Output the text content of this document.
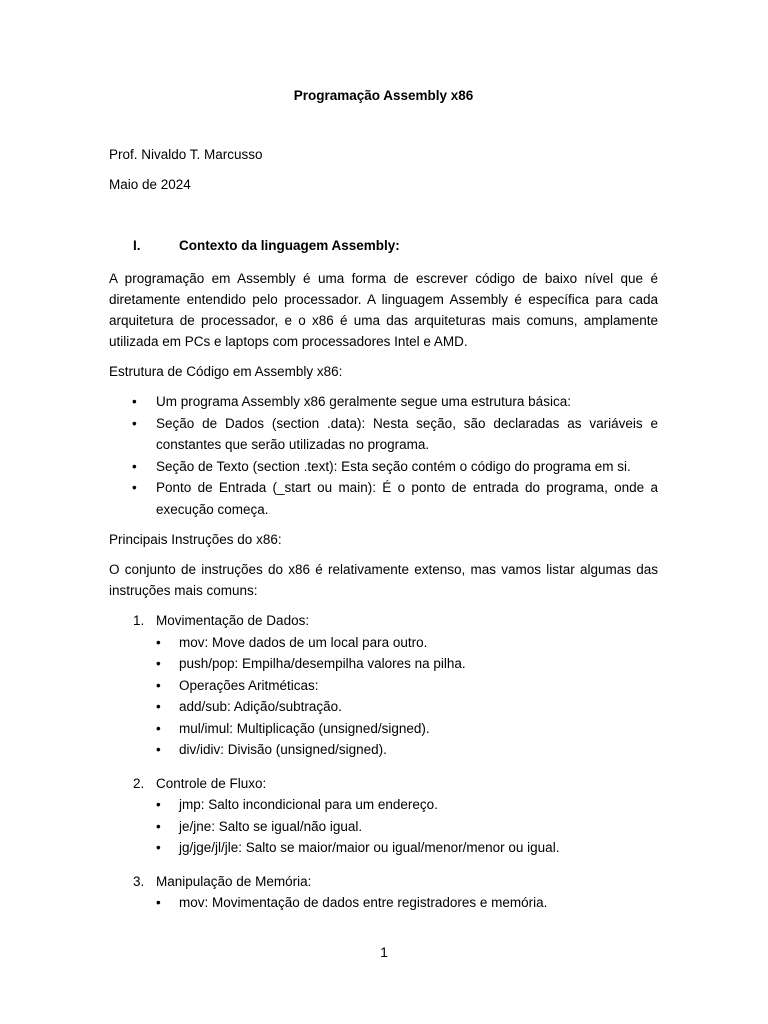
Programação Assembly x86

Prof. Nivaldo T. Marcusso

Maio de 2024

I.	Contexto da linguagem Assembly:

A programação em Assembly é uma forma de escrever código de baixo nível que é diretamente entendido pelo processador. A linguagem Assembly é específica para cada arquitetura de processador, e o x86 é uma das arquiteturas mais comuns, amplamente utilizada em PCs e laptops com processadores Intel e AMD.

Estrutura de Código em Assembly x86:

• Um programa Assembly x86 geralmente segue uma estrutura básica:
• Seção de Dados (section .data): Nesta seção, são declaradas as variáveis e constantes que serão utilizadas no programa.
• Seção de Texto (section .text): Esta seção contém o código do programa em si.
• Ponto de Entrada (_start ou main): É o ponto de entrada do programa, onde a execução começa.

Principais Instruções do x86:

O conjunto de instruções do x86 é relativamente extenso, mas vamos listar algumas das instruções mais comuns:

1. Movimentação de Dados:
• mov: Move dados de um local para outro.
• push/pop: Empilha/desempilha valores na pilha.
• Operações Aritméticas:
• add/sub: Adição/subtração.
• mul/imul: Multiplicação (unsigned/signed).
• div/idiv: Divisão (unsigned/signed).
2. Controle de Fluxo:
• jmp: Salto incondicional para um endereço.
• je/jne: Salto se igual/não igual.
• jg/jge/jl/jle: Salto se maior/maior ou igual/menor/menor ou igual.
3. Manipulação de Memória:
• mov: Movimentação de dados entre registradores e memória.

1
